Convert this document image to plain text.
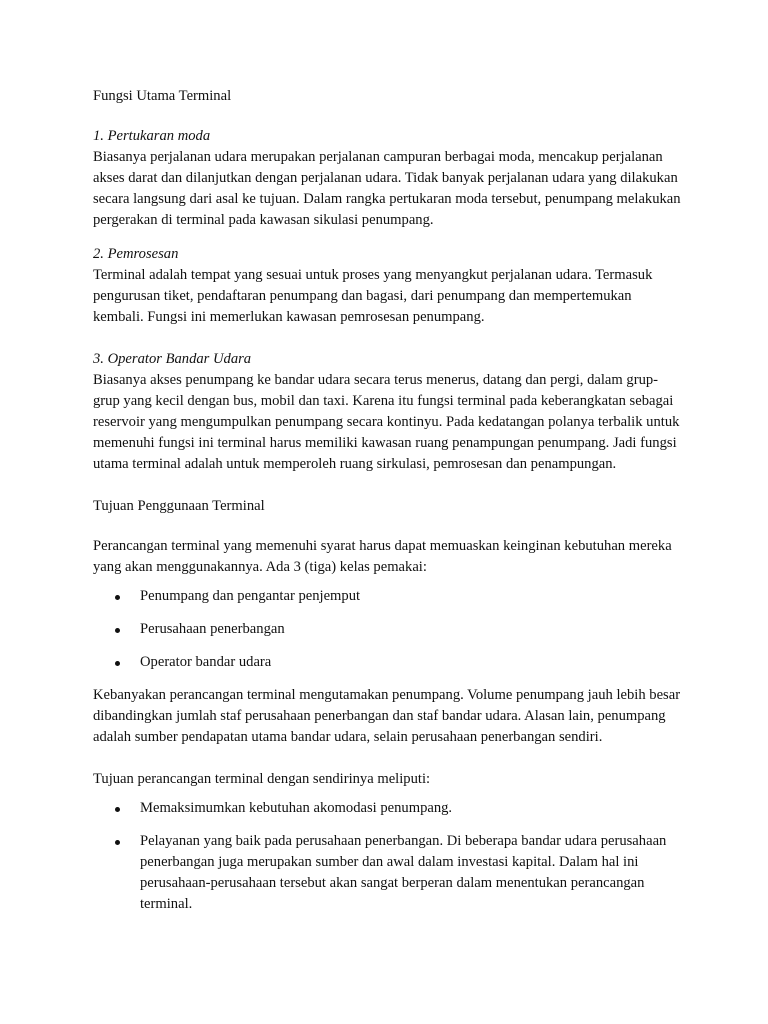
Fungsi Utama Terminal

1. Pertukaran moda

Biasanya perjalanan udara merupakan perjalanan campuran berbagai moda, mencakup perjalanan akses darat dan dilanjutkan dengan perjalanan udara. Tidak banyak perjalanan udara yang dilakukan secara langsung dari asal ke tujuan. Dalam rangka pertukaran moda tersebut, penumpang melakukan pergerakan di terminal pada kawasan sikulasi penumpang.

2. Pemrosesan

Terminal adalah tempat yang sesuai untuk proses yang menyangkut perjalanan udara. Termasuk pengurusan tiket, pendaftaran penumpang dan bagasi, dari penumpang dan mempertemukan kembali. Fungsi ini memerlukan kawasan pemrosesan penumpang.

3. Operator Bandar Udara

Biasanya akses penumpang ke bandar udara secara terus menerus, datang dan pergi, dalam grup-grup yang kecil dengan bus, mobil dan taxi. Karena itu fungsi terminal pada keberangkatan sebagai reservoir yang mengumpulkan penumpang secara kontinyu. Pada kedatangan polanya terbalik untuk memenuhi fungsi ini terminal harus memiliki kawasan ruang penampungan penumpang. Jadi fungsi utama terminal adalah untuk memperoleh ruang sirkulasi, pemrosesan dan penampungan.

Tujuan Penggunaan Terminal

Perancangan terminal yang memenuhi syarat harus dapat memuaskan keinginan kebutuhan mereka yang akan menggunakannya. Ada 3 (tiga) kelas pemakai:

Penumpang dan pengantar penjemput
Perusahaan penerbangan
Operator bandar udara

Kebanyakan perancangan terminal mengutamakan penumpang. Volume penumpang jauh lebih besar dibandingkan jumlah staf perusahaan penerbangan dan staf bandar udara. Alasan lain, penumpang adalah sumber pendapatan utama bandar udara, selain perusahaan penerbangan sendiri.

Tujuan perancangan terminal dengan sendirinya meliputi:

Memaksimumkan kebutuhan akomodasi penumpang.
Pelayanan yang baik pada perusahaan penerbangan. Di beberapa bandar udara perusahaan penerbangan juga merupakan sumber dan awal dalam investasi kapital. Dalam hal ini perusahaan-perusahaan tersebut akan sangat berperan dalam menentukan perancangan terminal.
